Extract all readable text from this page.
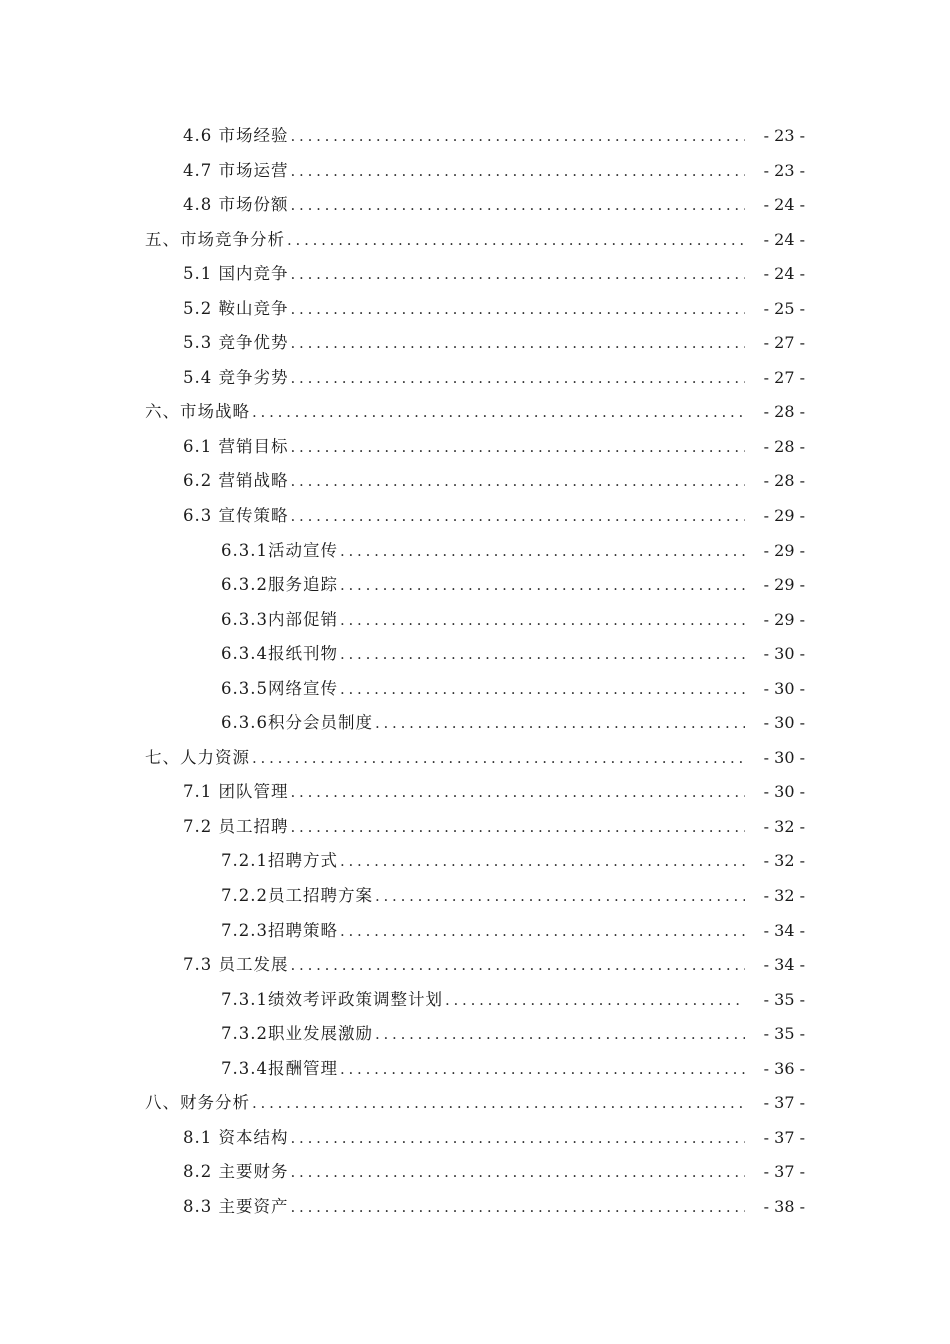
4.6 市场经验 . . .	- 23 -
4.7 市场运营 . . .	- 23 -
4.8 市场份额 . . .	- 24 -
五、市场竞争分析 . . .	- 24 -
5.1 国内竞争 . . .	- 24 -
5.2 鞍山竞争 . . .	- 25 -
5.3 竞争优势 . . .	- 27 -
5.4 竞争劣势 . . .	- 27 -
六、市场战略 . . .	- 28 -
6.1 营销目标 . . .	- 28 -
6.2 营销战略 . . .	- 28 -
6.3 宣传策略 . . .	- 29 -
6.3.1活动宣传 . . .	- 29 -
6.3.2服务追踪 . . .	- 29 -
6.3.3内部促销 . . .	- 29 -
6.3.4报纸刊物 . . .	- 30 -
6.3.5网络宣传 . . .	- 30 -
6.3.6积分会员制度 . . .	- 30 -
七、人力资源 . . .	- 30 -
7.1 团队管理 . . .	- 30 -
7.2 员工招聘 . . .	- 32 -
7.2.1招聘方式 . . .	- 32 -
7.2.2员工招聘方案 . . .	- 32 -
7.2.3招聘策略 . . .	- 34 -
7.3 员工发展 . . .	- 34 -
7.3.1绩效考评政策调整计划 . . .	- 35 -
7.3.2职业发展激励 . . .	- 35 -
7.3.4报酬管理 . . .	- 36 -
八、财务分析 . . .	- 37 -
8.1 资本结构 . . .	- 37 -
8.2 主要财务 . . .	- 37 -
8.3 主要资产 . . .	- 38 -
